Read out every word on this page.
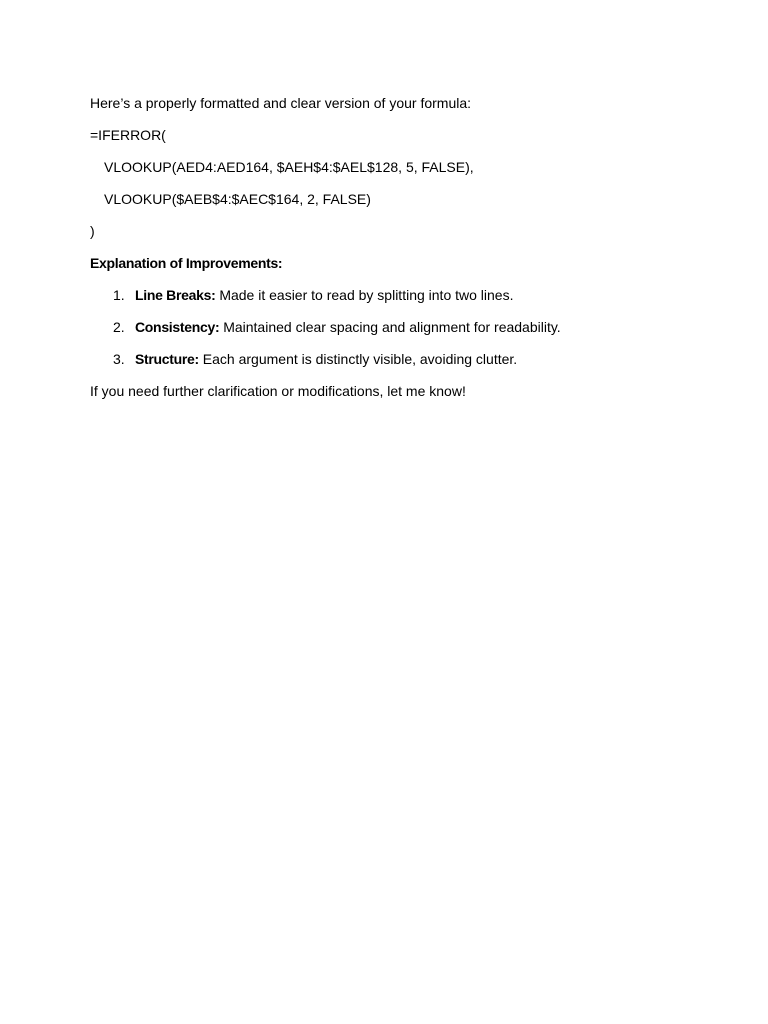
Here’s a properly formatted and clear version of your formula:
=IFERROR(
VLOOKUP(AED4:AED164, $AEH$4:$AEL$128, 5, FALSE),
VLOOKUP($AEB$4:$AEC$164, 2, FALSE)
)
Explanation of Improvements:
1. Line Breaks: Made it easier to read by splitting into two lines.
2. Consistency: Maintained clear spacing and alignment for readability.
3. Structure: Each argument is distinctly visible, avoiding clutter.
If you need further clarification or modifications, let me know!
